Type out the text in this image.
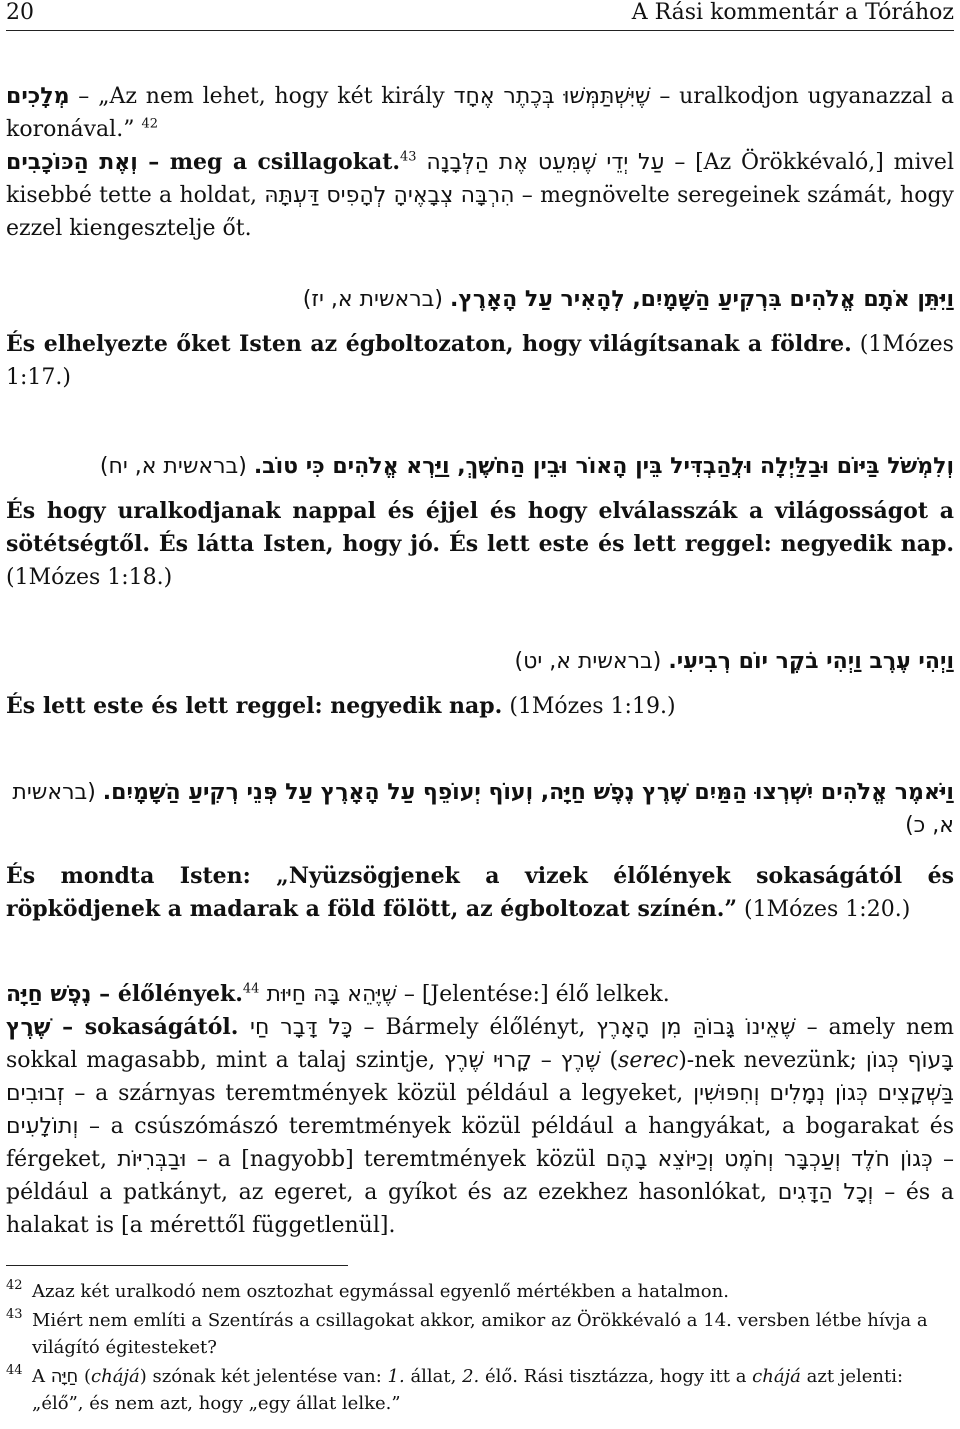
20	A Rási kommentár a Tórához

מְלָכִים – „Az nem lehet, hogy két király שֶׁיִּשְׁתַּמְּשׁוּ בְּכֶתֶר אֶחָד – uralkodjon ugyanazzal a koronával.” $^{42}$

וְאֶת הַכּוֹכָבִים – meg a csillagokat.$^{43}$ עַל יְדֵי שֶׁמִּעֵט אֶת הַלְּבָנָה – [Az Örökkévaló,] mivel kisebbé tette a holdat, הִרְבָּה צְבָאֶיהָ לְהָפִיס דַּעְתָּהּ – megnövelte seregeinek számát, hogy ezzel kiengesztelje őt.

וַיִּתֵּן אֹתָם אֱלֹהִים בִּרְקִיעַ הַשָּׁמָיִם, לְהָאִיר עַל הָאָרֶץ. (בראשית א, יז)

És elhelyezte őket Isten az égboltozaton, hogy világítsanak a földre. (1Mózes 1:17.)

וְלִמְשֹׁל בַּיּוֹם וּבַלַּיְלָה וּלֲהַבְדִּיל בֵּין הָאוֹר וּבֵין הַחֹשֶׁךְ, וַיַּרְא אֱלֹהִים כִּי טוֹב. (בראשית א, יח)

És hogy uralkodjanak nappal és éjjel és hogy elválasszák a világosságot a sötétségtől. És látta Isten, hogy jó. És lett este és lett reggel: negyedik nap. (1Mózes 1:18.)

וַיְהִי עֶרֶב וַיְהִי בֹקֶר יוֹם רְבִיעִי. (בראשית א, יט)

És lett este és lett reggel: negyedik nap. (1Mózes 1:19.)

וַיֹּאמֶר אֱלֹהִים יִשְׁרְצוּ הַמַּיִם שֶׁרֶץ נֶפֶשׁ חַיָּה, וְעוֹף יְעוֹפֵף עַל הָאָרֶץ עַל פְּנֵי רְקִיעַ הַשָּׁמָיִם. (בראשית א, כ)

És mondta Isten: „Nyüzsögjenek a vizek élőlények sokaságától és röpködjenek a madarak a föld fölött, az égboltozat színén.” (1Mózes 1:20.)

נֶפֶשׁ חַיָּה – élőlények.$^{44}$ שֶׁיֶּהֵא בָּהּ חַיּוּת – [Jelentése:] élő lelkek.

שֶׁרֶץ – sokaságától. כָּל דָּבָר חַי – Bármely élőlényt, שֶׁאֵינוֹ גָּבוֹהַּ מִן הָאָרֶץ – amely nem sokkal magasabb, mint a talaj szintje, קָרוּי שֶׁרֶץ – שֶׁרֶץ (serec)-nek nevezünk; בָּעוֹף כְּגוֹן זְבוּבִים – a szárnyas teremtmények közül például a legyeket, בַּשְּׁקָצִים כְּגוֹן נְמָלִים וְחִפּוּשִׁין וְתוֹלָעִים – a csúszómászó teremtmények közül például a hangyákat, a bogarakat és férgeket, וּבַבְּרִיּוֹת – a [nagyobb] teremtmények közül כְּגוֹן חֹלֶד וְעַכְבָּר וְחֹמֶט וְכַיּוֹצֵא בָהֶם – például a patkányt, az egeret, a gyíkot és az ezekhez hasonlókat, וְכָל הַדָּגִים – és a halakat is [a mérettől függetlenül].

42 Azaz két uralkodó nem osztozhat egymással egyenlő mértékben a hatalmon.
43 Miért nem említi a Szentírás a csillagokat akkor, amikor az Örökkévaló a 14. versben létbe hívja a világító égitesteket?
44 A חַיָּה (chájá) szónak két jelentése van: 1. állat, 2. élő. Rási tisztázza, hogy itt a chájá azt jelenti: „élő”, és nem azt, hogy „egy állat lelke.”
